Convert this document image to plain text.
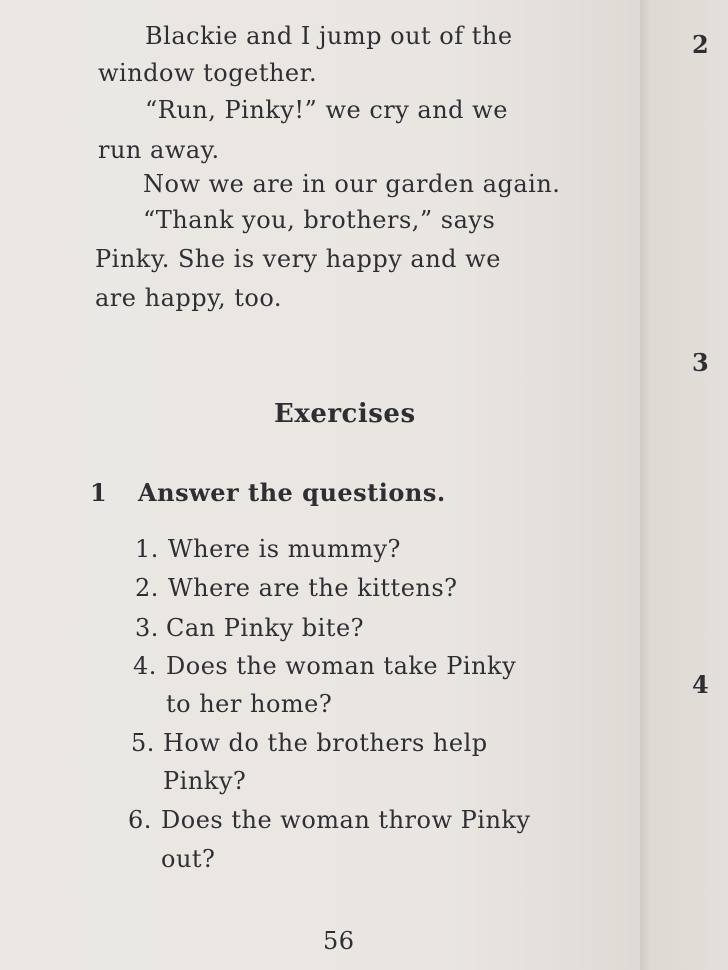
Blackie and I jump out of the
window together.
“Run, Pinky!” we cry and we
run away.
Now we are in our garden again.
“Thank you, brothers,” says
Pinky. She is very happy and we
are happy, too.
Exercises
1 Answer the questions.
1. Where is mummy?
2. Where are the kittens?
3. Can Pinky bite?
4. Does the woman take Pinky
to her home?
5. How do the brothers help
Pinky?
6. Does the woman throw Pinky
out?
56
2
3
4
